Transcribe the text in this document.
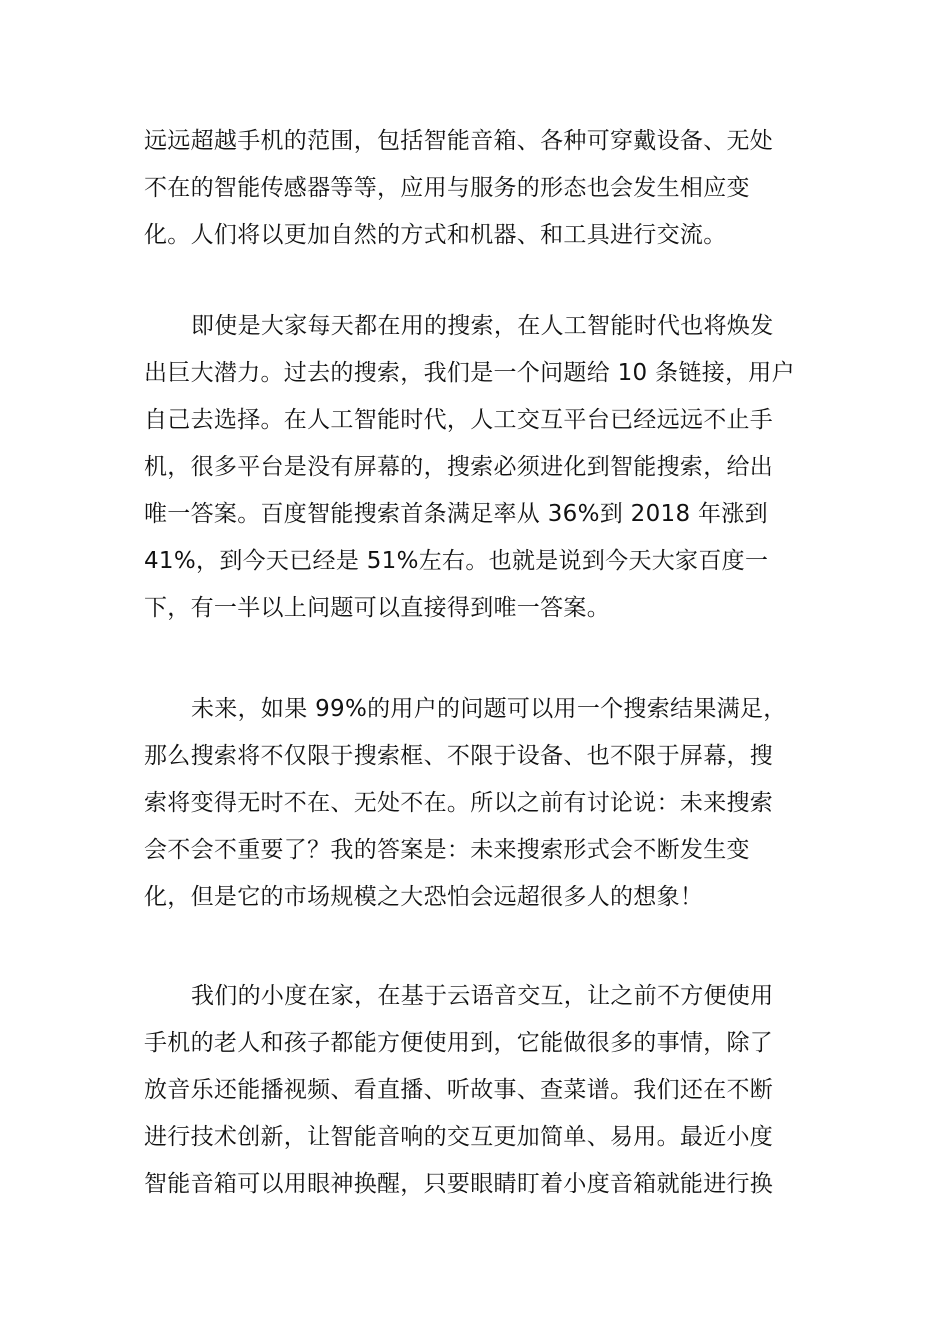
远远超越手机的范围，包括智能音箱、各种可穿戴设备、无处
不在的智能传感器等等，应用与服务的形态也会发生相应变
化。人们将以更加自然的方式和机器、和工具进行交流。
即使是大家每天都在用的搜索，在人工智能时代也将焕发
出巨大潜力。过去的搜索，我们是一个问题给 10 条链接，用户
自己去选择。在人工智能时代，人工交互平台已经远远不止手
机，很多平台是没有屏幕的，搜索必须进化到智能搜索，给出
唯一答案。百度智能搜索首条满足率从 36%到 2018 年涨到
41%，到今天已经是 51%左右。也就是说到今天大家百度一
下，有一半以上问题可以直接得到唯一答案。
未来，如果 99%的用户的问题可以用一个搜索结果满足，
那么搜索将不仅限于搜索框、不限于设备、也不限于屏幕，搜
索将变得无时不在、无处不在。所以之前有讨论说：未来搜索
会不会不重要了？我的答案是：未来搜索形式会不断发生变
化，但是它的市场规模之大恐怕会远超很多人的想象！
我们的小度在家，在基于云语音交互，让之前不方便使用
手机的老人和孩子都能方便使用到，它能做很多的事情，除了
放音乐还能播视频、看直播、听故事、查菜谱。我们还在不断
进行技术创新，让智能音响的交互更加简单、易用。最近小度
智能音箱可以用眼神换醒，只要眼睛盯着小度音箱就能进行换
